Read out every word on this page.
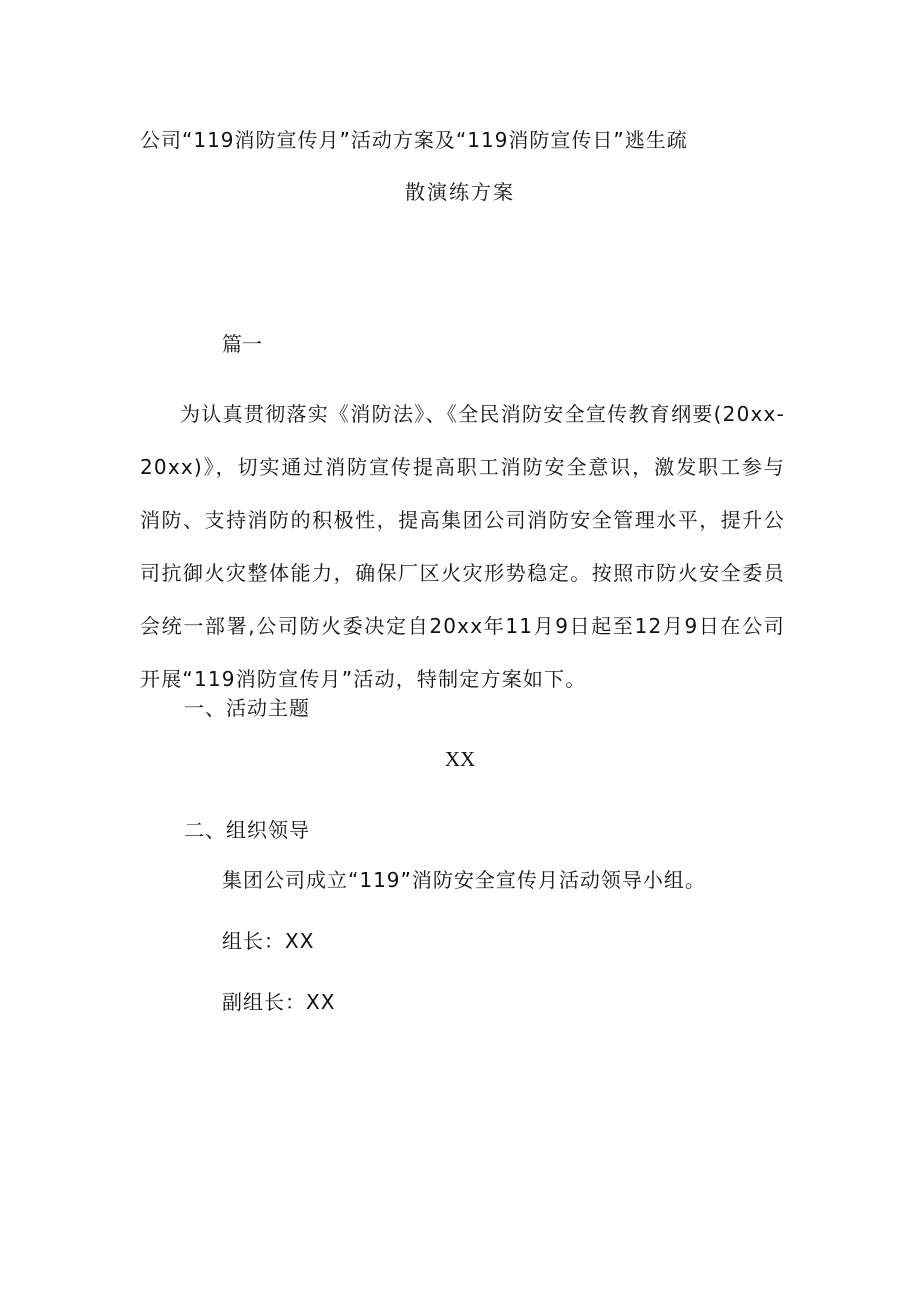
公司“119消防宣传月”活动方案及“119消防宣传日”逃生疏
散演练方案
篇一
为认真贯彻落实《消防法》、《全民消防安全宣传教育纲要(20xx-20xx)》，切实通过消防宣传提高职工消防安全意识，激发职工参与消防、支持消防的积极性，提高集团公司消防安全管理水平，提升公司抗御火灾整体能力，确保厂区火灾形势稳定。按照市防火安全委员会统一部署,公司防火委决定自20xx年11月9日起至12月9日在公司开展“119消防宣传月”活动，特制定方案如下。
一、活动主题
XX
二、组织领导
集团公司成立“119”消防安全宣传月活动领导小组。
组长：XX
副组长：XX
